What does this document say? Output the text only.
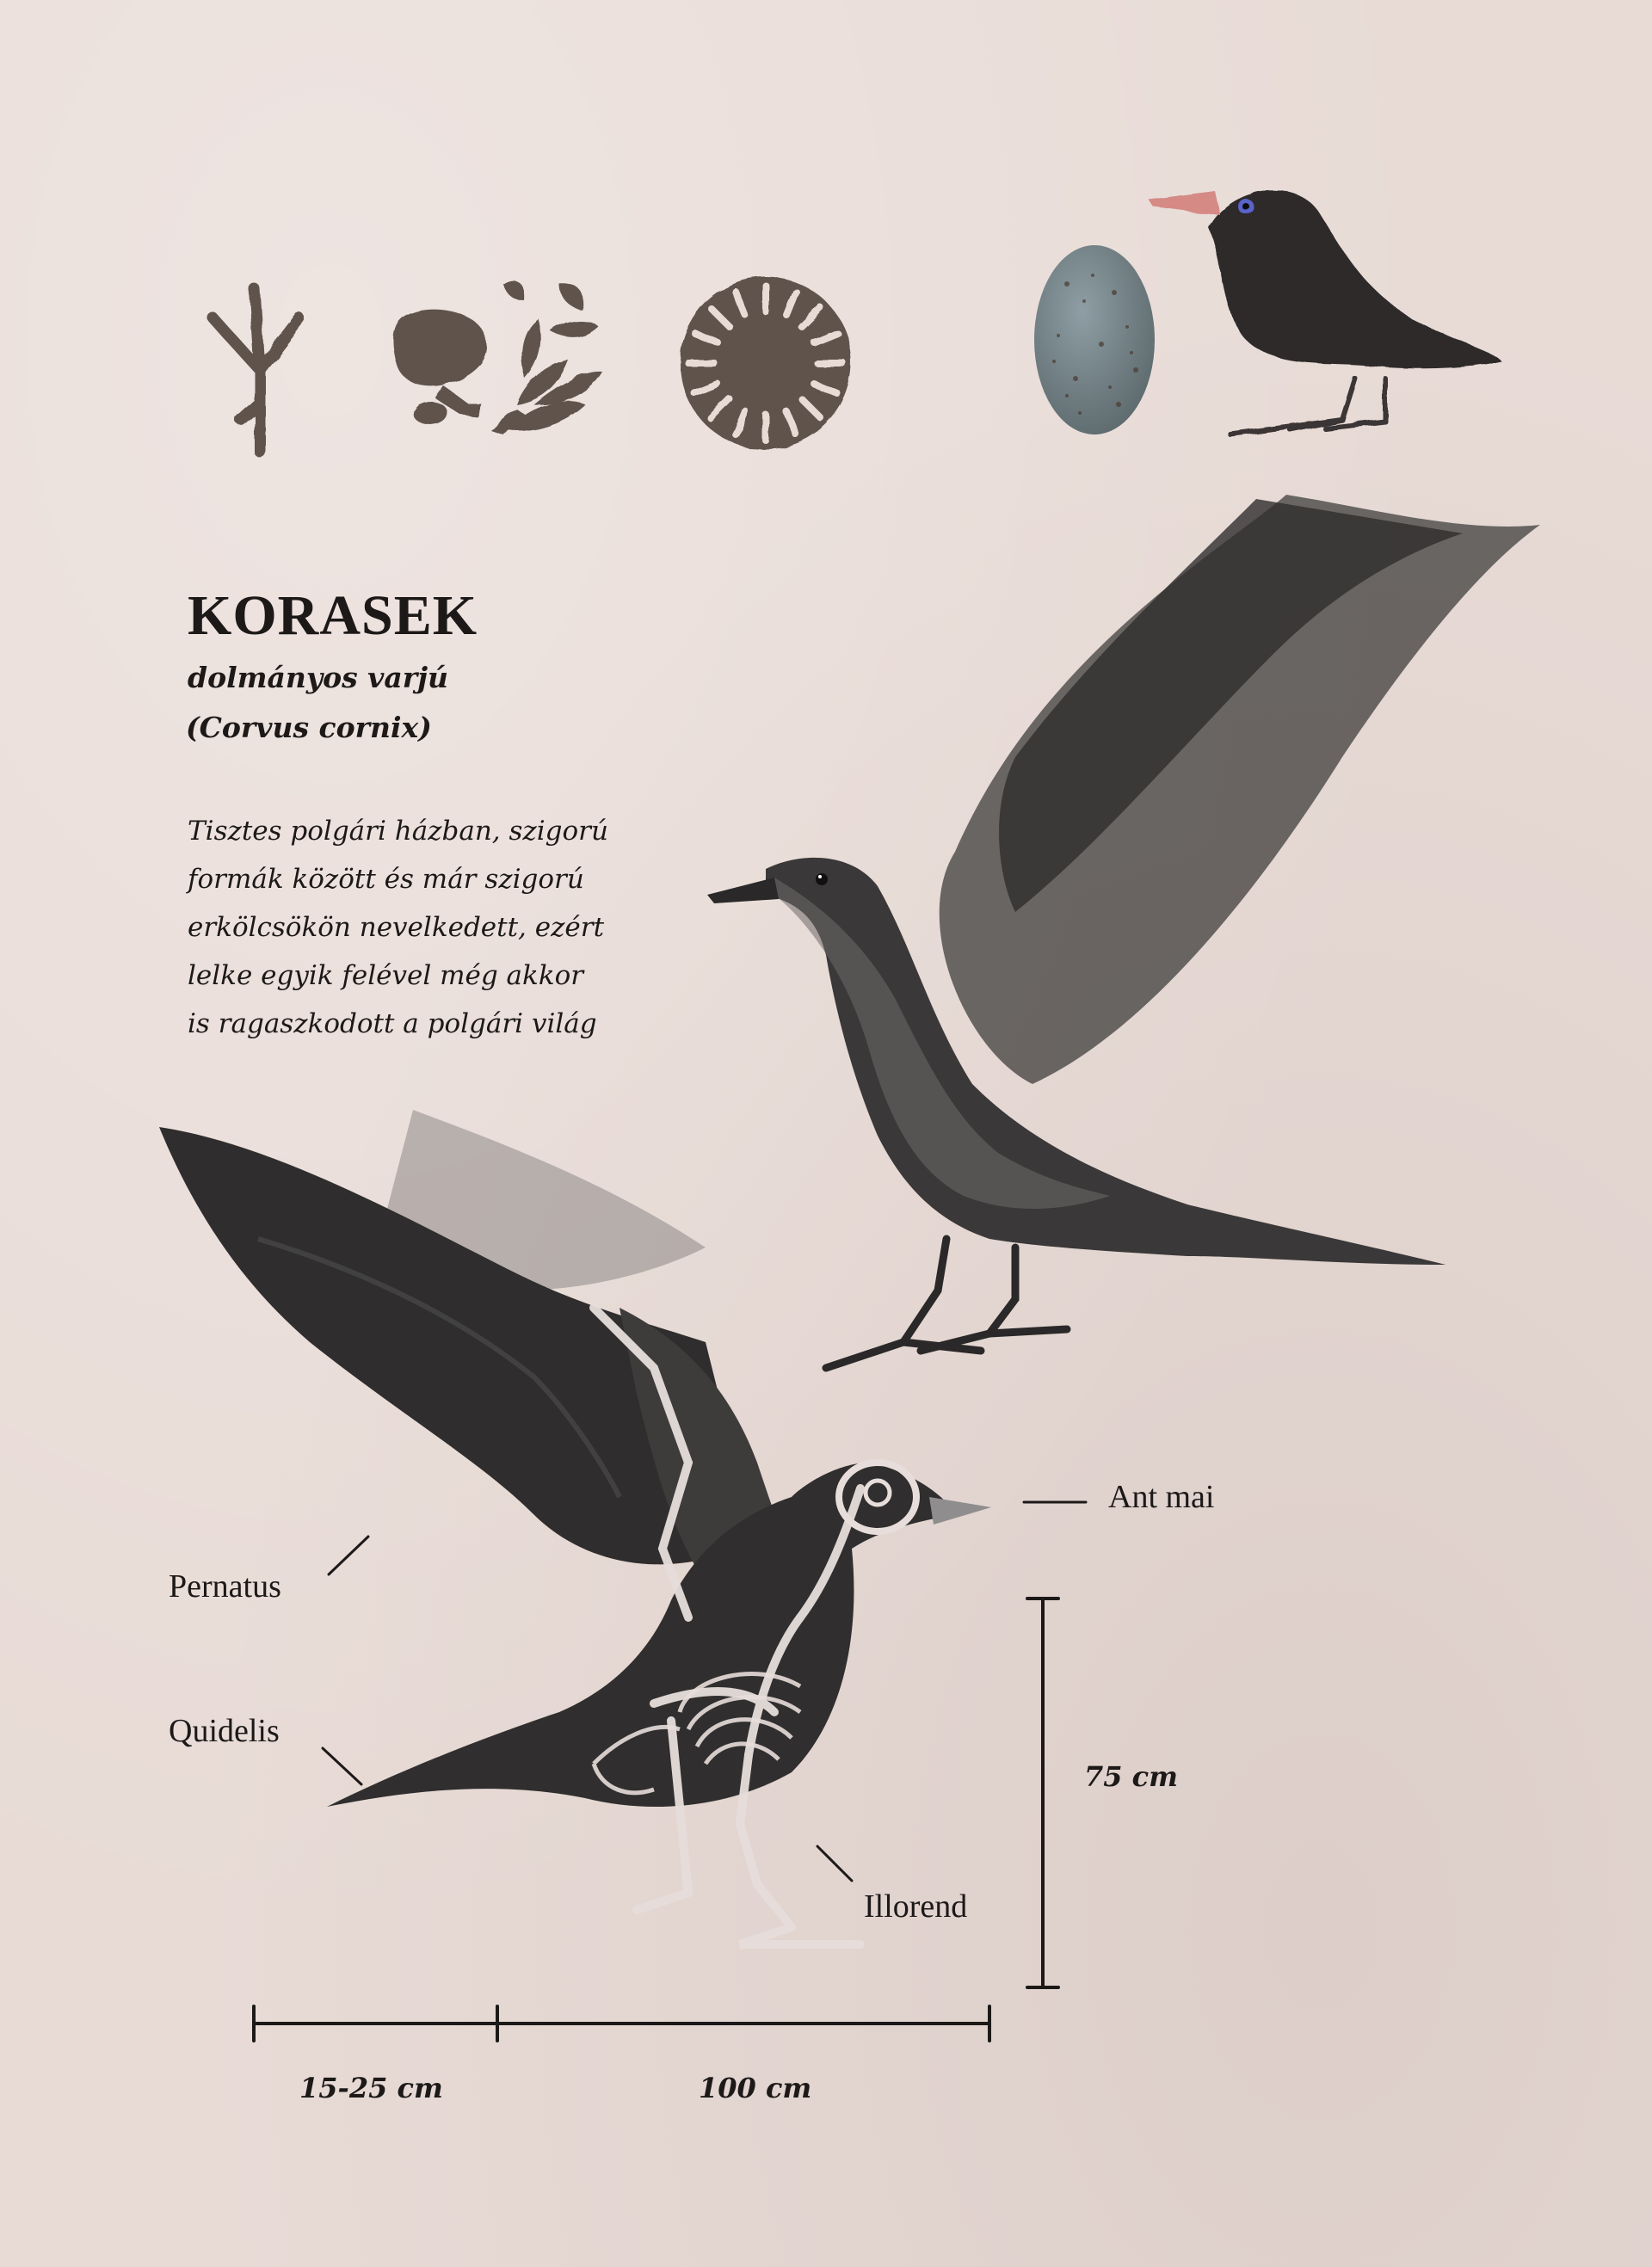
KORASEK
dolmányos varjú
(Corvus cornix)
Tisztes polgári házban, szigorú
formák között és már szigorú
erkölcsökön nevelkedett, ezért
lelke egyik felével még akkor
is ragaszkodott a polgári világ
Ant mai
Pernatus
Quidelis
Illorend
75 cm
15-25 cm	100 cm
